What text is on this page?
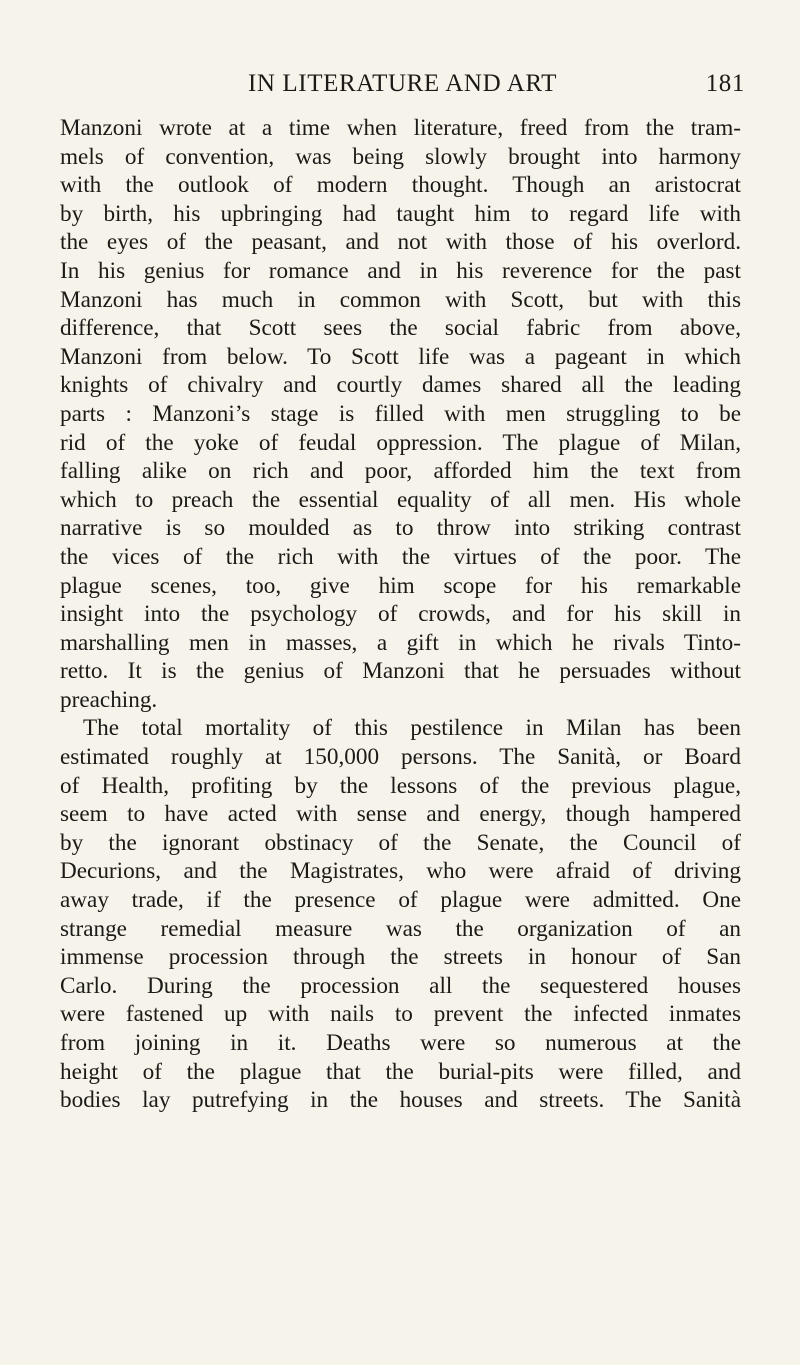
IN LITERATURE AND ART	181
Manzoni wrote at a time when literature, freed from the tram-
mels of convention, was being slowly brought into harmony
with the outlook of modern thought. Though an aristocrat
by birth, his upbringing had taught him to regard life with
the eyes of the peasant, and not with those of his overlord.
In his genius for romance and in his reverence for the past
Manzoni has much in common with Scott, but with this
difference, that Scott sees the social fabric from above,
Manzoni from below. To Scott life was a pageant in which
knights of chivalry and courtly dames shared all the leading
parts : Manzoni’s stage is filled with men struggling to be
rid of the yoke of feudal oppression. The plague of Milan,
falling alike on rich and poor, afforded him the text from
which to preach the essential equality of all men. His whole
narrative is so moulded as to throw into striking contrast
the vices of the rich with the virtues of the poor. The
plague scenes, too, give him scope for his remarkable
insight into the psychology of crowds, and for his skill in
marshalling men in masses, a gift in which he rivals Tinto-
retto. It is the genius of Manzoni that he persuades without
preaching.
The total mortality of this pestilence in Milan has been
estimated roughly at 150,000 persons. The Sanità, or Board
of Health, profiting by the lessons of the previous plague,
seem to have acted with sense and energy, though hampered
by the ignorant obstinacy of the Senate, the Council of
Decurions, and the Magistrates, who were afraid of driving
away trade, if the presence of plague were admitted. One
strange remedial measure was the organization of an
immense procession through the streets in honour of San
Carlo. During the procession all the sequestered houses
were fastened up with nails to prevent the infected inmates
from joining in it. Deaths were so numerous at the
height of the plague that the burial-pits were filled, and
bodies lay putrefying in the houses and streets. The Sanità
